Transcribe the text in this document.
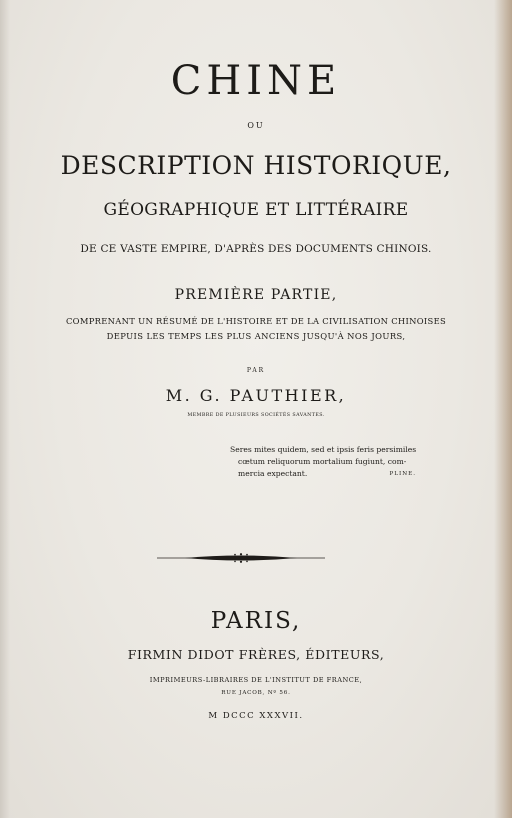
CHINE
OU
DESCRIPTION HISTORIQUE,
GÉOGRAPHIQUE ET LITTÉRAIRE
DE CE VASTE EMPIRE, D'APRÈS DES DOCUMENTS CHINOIS.
PREMIÈRE PARTIE,
COMPRENANT UN RÉSUMÉ DE L'HISTOIRE ET DE LA CIVILISATION CHINOISES
DEPUIS LES TEMPS LES PLUS ANCIENS JUSQU'À NOS JOURS,
PAR
M. G. PAUTHIER,
MEMBRE DE PLUSIEURS SOCIÉTÉS SAVANTES.
Seres mites quidem, sed et ipsis feris persimiles
cœtum reliquorum mortalium fugiunt, com-
mercia expectant.	PLINE.
PARIS,
FIRMIN DIDOT FRÈRES, ÉDITEURS,
IMPRIMEURS-LIBRAIRES DE L'INSTITUT DE FRANCE,
RUE JACOB, Nº 56.
M DCCC XXXVII.
